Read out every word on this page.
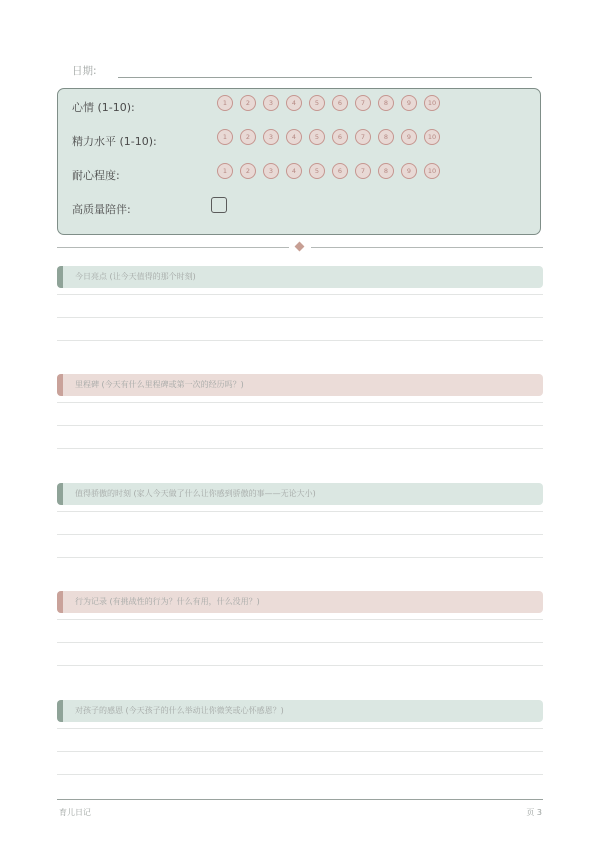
日期:
心情 (1-10):	1	2	3	4	5	6	7	8	9	10
精力水平 (1-10):	1	2	3	4	5	6	7	8	9	10
耐心程度:	1	2	3	4	5	6	7	8	9	10
高质量陪伴:
今日亮点 (让今天值得的那个时刻)
里程碑 (今天有什么里程碑或第一次的经历吗？)
值得骄傲的时刻 (家人今天做了什么让你感到骄傲的事——无论大小)
行为记录 (有挑战性的行为？什么有用，什么没用？)
对孩子的感恩 (今天孩子的什么举动让你微笑或心怀感恩？)
育儿日记	页 3
